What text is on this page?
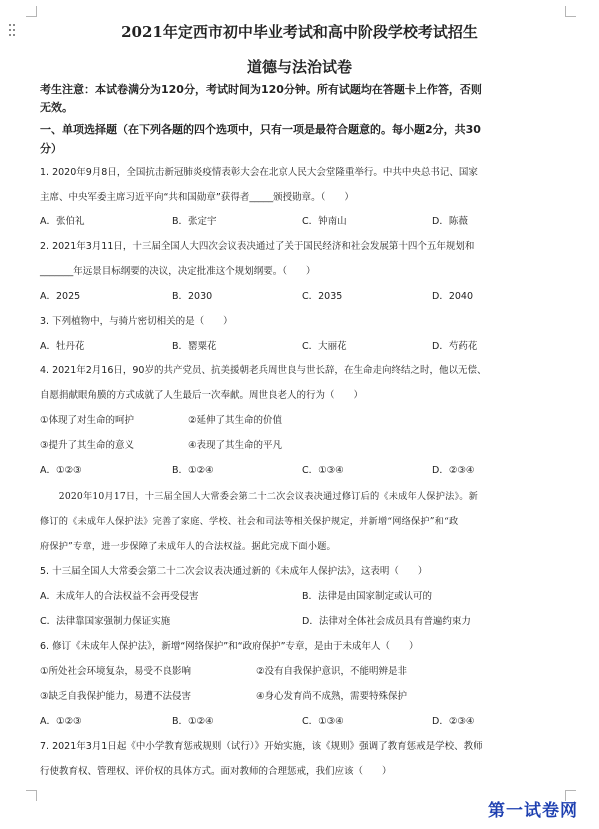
2021年定西市初中毕业考试和高中阶段学校考试招生
道德与法治试卷
考生注意：本试卷满分为120分，考试时间为120分钟。所有试题均在答题卡上作答，否则
无效。
一、单项选择题（在下列各题的四个选项中，只有一项是最符合题意的。每小题2分，共30
分）
1. 2020年9月8日，全国抗击新冠肺炎疫情表彰大会在北京人民大会堂隆重举行。中共中央总书记、国家
主席、中央军委主席习近平向“共和国勋章”获得者_____颁授勋章。（　　）
A．张伯礼	B．张定宇	C．钟南山	D．陈薇
2. 2021年3月11日，十三届全国人大四次会议表决通过了关于国民经济和社会发展第十四个五年规划和
_______年远景目标纲要的决议，决定批准这个规划纲要。（　　）
A．2025	B．2030	C．2035	D．2040
3. 下列植物中，与骑片密切相关的是（　　）
A．牡丹花	B．罂粟花	C．大丽花	D．芍药花
4. 2021年2月16日，90岁的共产党员、抗美援朝老兵周世良与世长辞，在生命走向终结之时，他以无偿、
自愿捐献眼角膜的方式成就了人生最后一次奉献。周世良老人的行为（　　）
①体现了对生命的呵护	②延伸了其生命的价值
③提升了其生命的意义	④表现了其生命的平凡
A．①②③	B．①②④	C．①③④	D．②③④
　　2020年10月17日，十三届全国人大常委会第二十二次会议表决通过修订后的《未成年人保护法》。新
修订的《未成年人保护法》完善了家庭、学校、社会和司法等相关保护规定，并新增“网络保护”和“政
府保护”专章，进一步保障了未成年人的合法权益。据此完成下面小题。
5. 十三届全国人大常委会第二十二次会议表决通过新的《未成年人保护法》，这表明（　　）
A．未成年人的合法权益不会再受侵害	B．法律是由国家制定或认可的
C．法律靠国家强制力保证实施	D．法律对全体社会成员具有普遍约束力
6. 修订《未成年人保护法》，新增“网络保护”和“政府保护”专章，是由于未成年人（　　）
①所处社会环境复杂，易受不良影响	②没有自我保护意识，不能明辨是非
③缺乏自我保护能力，易遭不法侵害	④身心发育尚不成熟，需要特殊保护
A．①②③	B．①②④	C．①③④	D．②③④
7. 2021年3月1日起《中小学教育惩戒规则（试行）》开始实施，该《规则》强调了教育惩戒是学校、教师
行使教育权、管理权、评价权的具体方式。面对教师的合理惩戒，我们应该（　　）
第一试卷网
